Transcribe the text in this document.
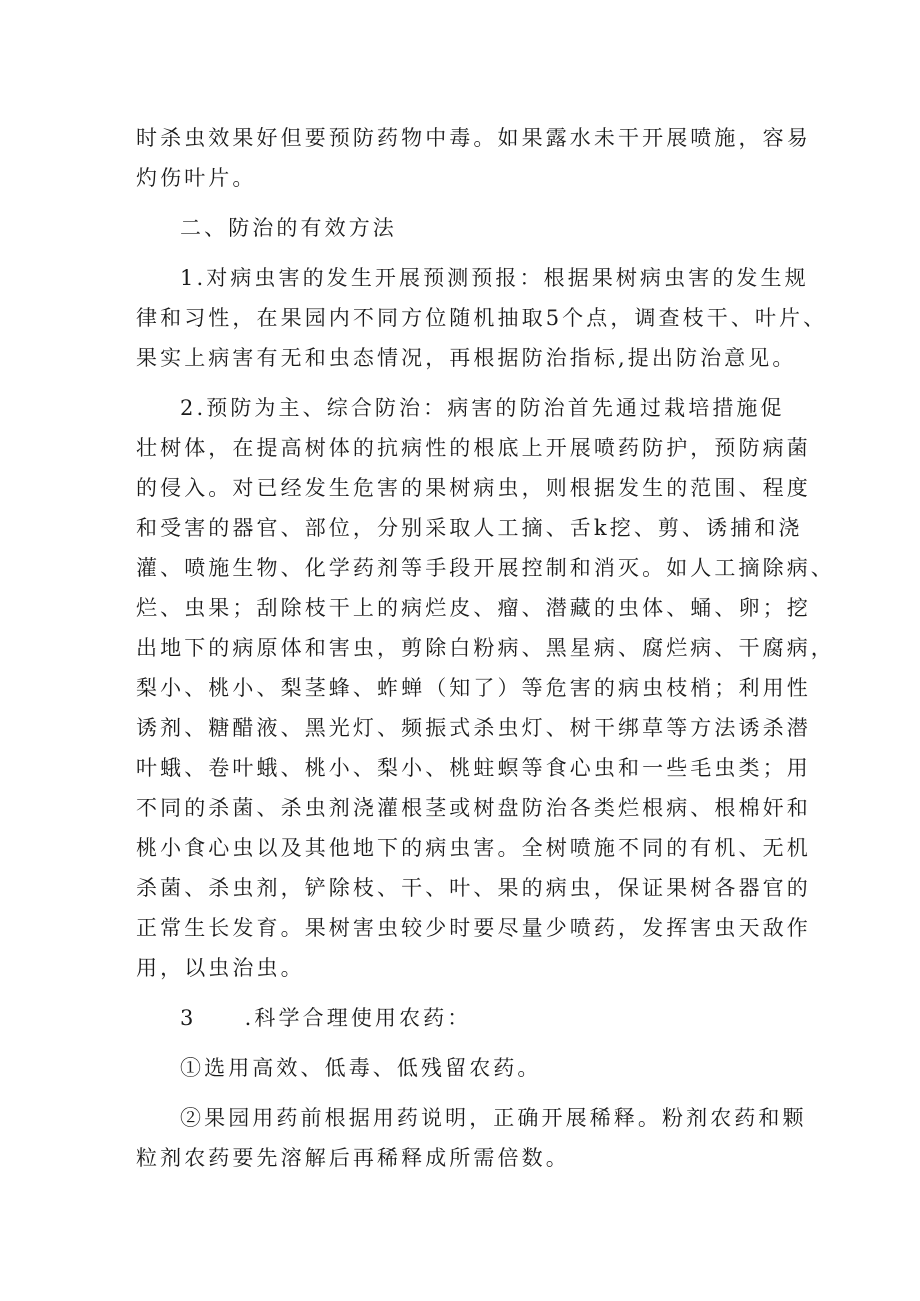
时杀虫效果好但要预防药物中毒。如果露水未干开展喷施，容易
灼伤叶片。
二、防治的有效方法
1.对病虫害的发生开展预测预报：根据果树病虫害的发生规
律和习性，在果园内不同方位随机抽取5个点，调查枝干、叶片、
果实上病害有无和虫态情况，再根据防治指标,提出防治意见。
2.预防为主、综合防治：病害的防治首先通过栽培措施促
壮树体，在提高树体的抗病性的根底上开展喷药防护，预防病菌
的侵入。对已经发生危害的果树病虫，则根据发生的范围、程度
和受害的器官、部位，分别采取人工摘、舌k挖、剪、诱捕和浇
灌、喷施生物、化学药剂等手段开展控制和消灭。如人工摘除病、
烂、虫果；刮除枝干上的病烂皮、瘤、潜藏的虫体、蛹、卵；挖
出地下的病原体和害虫，剪除白粉病、黑星病、腐烂病、干腐病，
梨小、桃小、梨茎蜂、蚱蝉（知了）等危害的病虫枝梢；利用性
诱剂、糖醋液、黑光灯、频振式杀虫灯、树干绑草等方法诱杀潜
叶蛾、卷叶蛾、桃小、梨小、桃蛀螟等食心虫和一些毛虫类；用
不同的杀菌、杀虫剂浇灌根茎或树盘防治各类烂根病、根棉奸和
桃小食心虫以及其他地下的病虫害。全树喷施不同的有机、无机
杀菌、杀虫剂，铲除枝、干、叶、果的病虫，保证果树各器官的
正常生长发育。果树害虫较少时要尽量少喷药，发挥害虫天敌作
用，以虫治虫。
3　　.科学合理使用农药：
①选用高效、低毒、低残留农药。
②果园用药前根据用药说明，正确开展稀释。粉剂农药和颗
粒剂农药要先溶解后再稀释成所需倍数。
